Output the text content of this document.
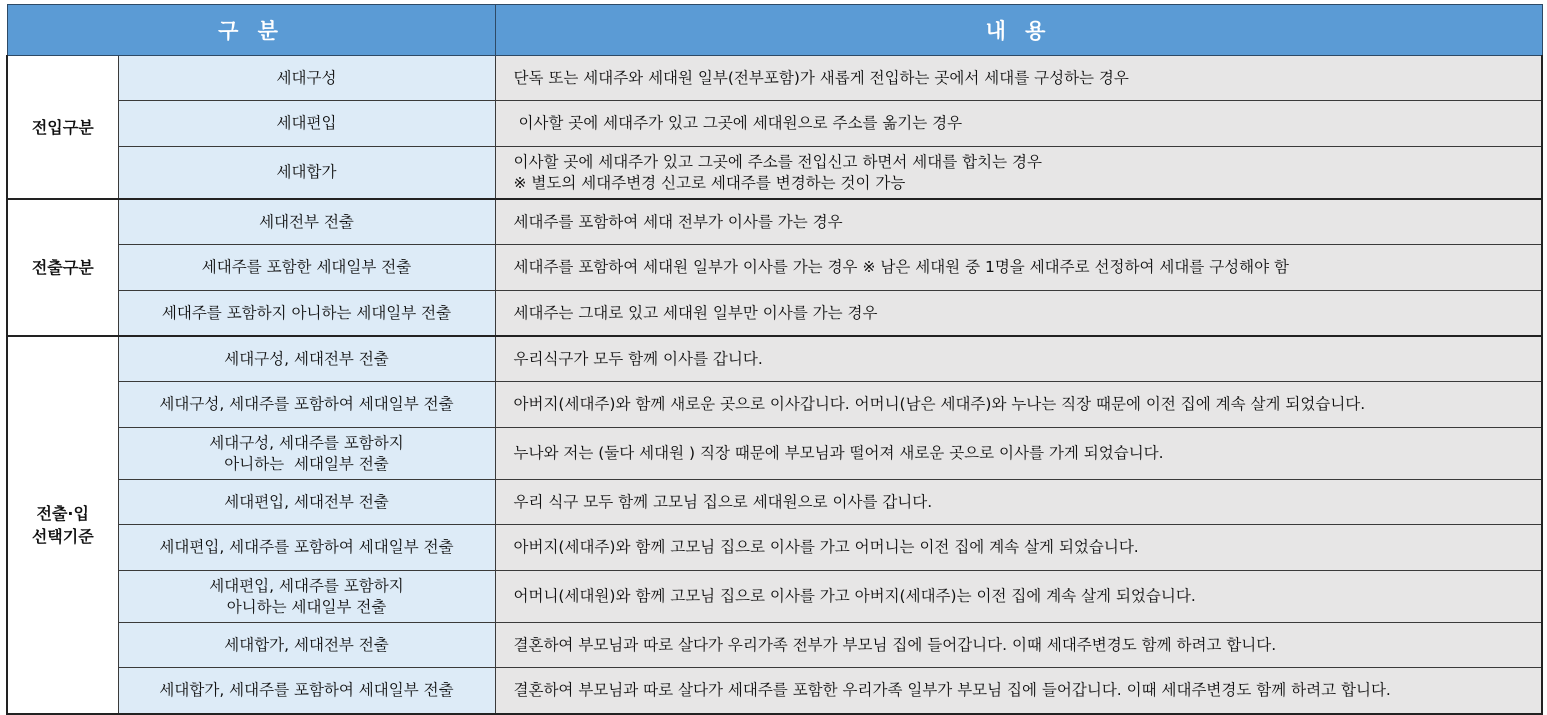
구 분		내 용

전입구분	세대구성	단독 또는 세대주와 세대원 일부(전부포함)가 새롭게 전입하는 곳에서 세대를 구성하는 경우

	세대편입	이사할 곳에 세대주가 있고 그곳에 세대원으로 주소를 옮기는 경우

	세대합가	이사할 곳에 세대주가 있고 그곳에 주소를 전입신고 하면서 세대를 합치는 경우
※ 별도의 세대주변경 신고로 세대주를 변경하는 것이 가능

전출구분	세대전부 전출	세대주를 포함하여 세대 전부가 이사를 가는 경우

	세대주를 포함한 세대일부 전출	세대주를 포함하여 세대원 일부가 이사를 가는 경우 ※ 남은 세대원 중 1명을 세대주로 선정하여 세대를 구성해야 함

	세대주를 포함하지 아니하는 세대일부 전출	세대주는 그대로 있고 세대원 일부만 이사를 가는 경우

전출·입
선택기준	세대구성, 세대전부 전출	우리식구가 모두 함께 이사를 갑니다.

	세대구성, 세대주를 포함하여 세대일부 전출	아버지(세대주)와 함께 새로운 곳으로 이사갑니다. 어머니(남은 세대주)와 누나는 직장 때문에 이전 집에 계속 살게 되었습니다.

	세대구성, 세대주를 포함하지
아니하는  세대일부 전출	누나와 저는 (둘다 세대원 ) 직장 때문에 부모님과 떨어져 새로운 곳으로 이사를 가게 되었습니다.

	세대편입, 세대전부 전출	우리 식구 모두 함께 고모님 집으로 세대원으로 이사를 갑니다.

	세대편입, 세대주를 포함하여 세대일부 전출	아버지(세대주)와 함께 고모님 집으로 이사를 가고 어머니는 이전 집에 계속 살게 되었습니다.

	세대편입, 세대주를 포함하지
아니하는 세대일부 전출	어머니(세대원)와 함께 고모님 집으로 이사를 가고 아버지(세대주)는 이전 집에 계속 살게 되었습니다.

	세대합가, 세대전부 전출	결혼하여 부모님과 따로 살다가 우리가족 전부가 부모님 집에 들어갑니다. 이때 세대주변경도 함께 하려고 합니다.

	세대합가, 세대주를 포함하여 세대일부 전출	결혼하여 부모님과 따로 살다가 세대주를 포함한 우리가족 일부가 부모님 집에 들어갑니다. 이때 세대주변경도 함께 하려고 합니다.
